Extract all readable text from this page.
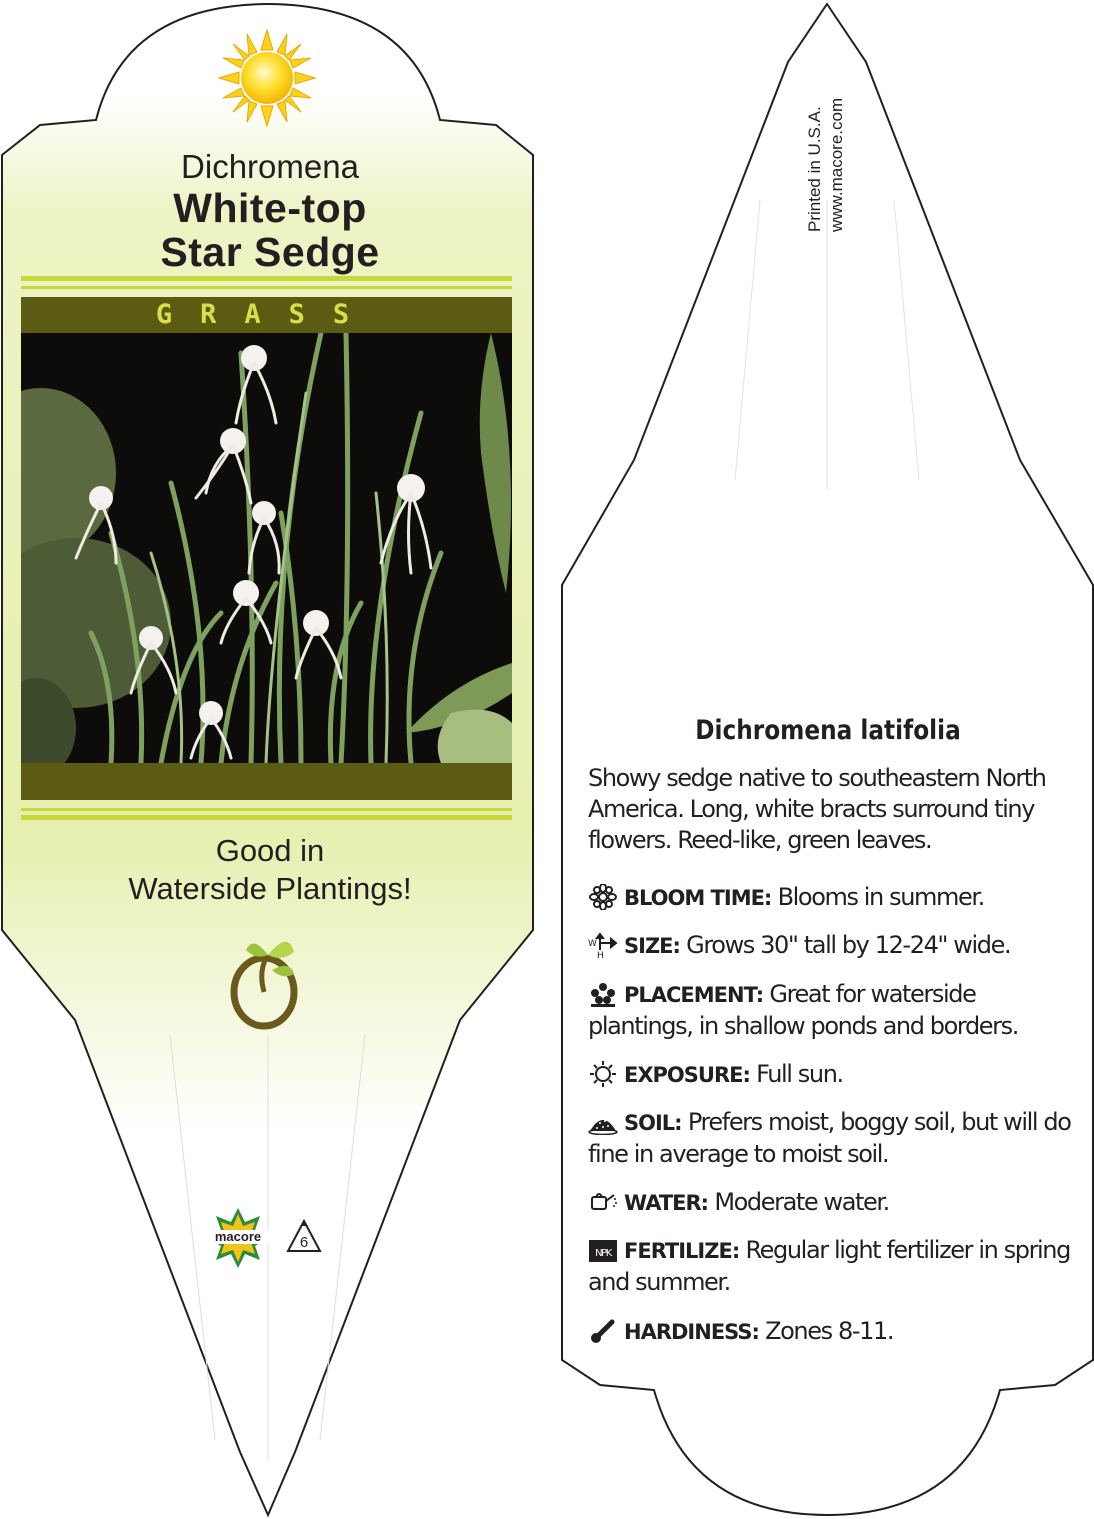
Dichromena
White-top
Star Sedge
GRASS
Good in
Waterside Plantings!
macore	6
Printed in U.S.A. www.macore.com
Dichromena latifolia
Showy sedge native to southeastern North America. Long, white bracts surround tiny flowers. Reed-like, green leaves.
BLOOM TIME: Blooms in summer.
W
H SIZE: Grows 30" tall by 12-24" wide.
PLACEMENT: Great for waterside plantings, in shallow ponds and borders.
EXPOSURE: Full sun.
SOIL: Prefers moist, boggy soil, but will do fine in average to moist soil.
WATER: Moderate water.
NPK FERTILIZE: Regular light fertilizer in spring and summer.
HARDINESS: Zones 8-11.
